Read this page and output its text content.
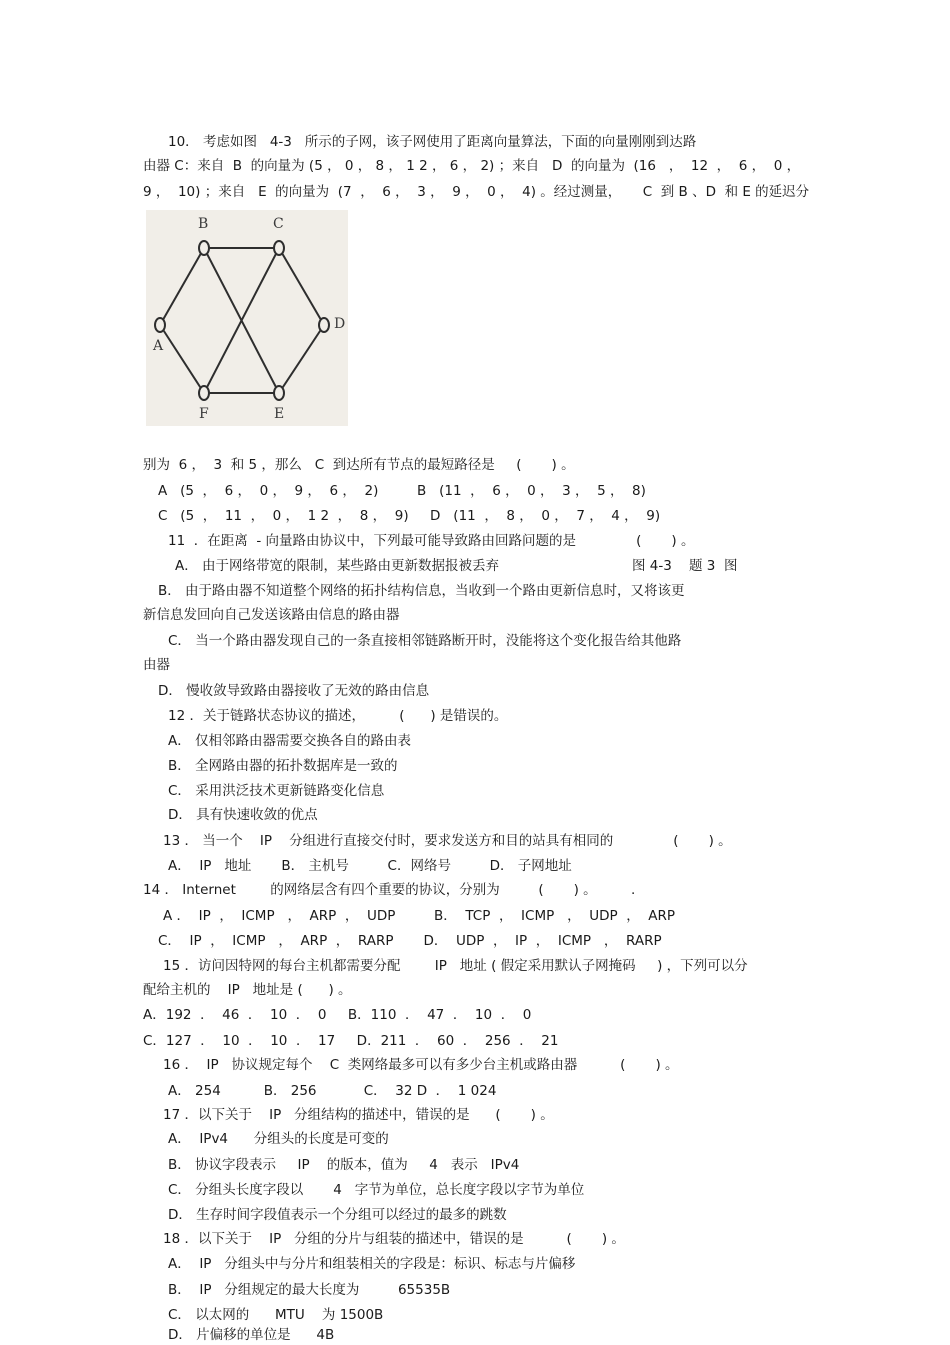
10． 考虑如图   4-3   所示的子网，该子网使用了距离向量算法，下面的向量刚刚到达路
由器 C：来自  B  的向量为 (5 ， 0 ， 8 ， 1 2 ， 6 ， 2) ；来自   D  的向量为  (16   ，  12  ，  6 ，  0 ，
9 ，  10) ；来自   E  的向量为  (7  ，  6 ，  3 ，  9 ，  0 ，  4) 。经过测量，     C  到 B 、D  和 E 的延迟分
B	C
A
D
F	E
别为  6 ，  3  和 5 ，那么   C  到达所有节点的最短路径是     (       ) 。
A   (5  ，  6 ，  0 ，  9 ，  6 ，  2)         B   (11  ，  6 ，  0 ，  3 ，  5 ，  8)
C   (5  ，  11  ，  0 ，  1 2  ，  8 ，  9)     D   (11  ，  8 ，  0 ，  7 ，  4 ，  9)
11  ．在距离  - 向量路由协议中，下列最可能导致路由回路问题的是              (       ) 。
A． 由于网络带宽的限制，某些路由更新数据报被丢弃	图 4-3    题 3  图
B． 由于路由器不知道整个网络的拓扑结构信息，当收到一个路由更新信息时，又将该更
新信息发回向自己发送该路由信息的路由器
C． 当一个路由器发现自己的一条直接相邻链路断开时，没能将这个变化报告给其他路
由器
D． 慢收敛导致路由器接收了无效的路由信息
12 ．关于链路状态协议的描述，        (      ) 是错误的。
A． 仅相邻路由器需要交换各自的路由表
B． 全网路由器的拓扑数据库是一致的
C． 采用洪泛技术更新链路变化信息
D． 具有快速收敛的优点
13 ． 当一个    IP    分组进行直接交付时，要求发送方和目的站具有相同的              (       ) 。
A．  IP   地址       B． 主机号         C．网络号         D． 子网地址
14 ． Internet        的网络层含有四个重要的协议，分别为         (       ) 。        .
A ．  IP  ，  ICMP   ，  ARP  ，  UDP         B．  TCP  ，  ICMP   ，  UDP  ，  ARP
C．  IP  ，  ICMP   ，  ARP  ，  RARP       D．  UDP  ，  IP  ，  ICMP   ，  RARP
15 ．访问因特网的每台主机都需要分配        IP   地址 ( 假定采用默认子网掩码     ) ，下列可以分
配给主机的    IP   地址是 (      ) 。
A．192  ．  46  ．  10  ．  0     B．110  ．  47  ．  10  ．  0
C．127  ．  10  ．  10  ．  17     D．211  ．  60  ．  256  ．  21
16 ．  IP   协议规定每个    C  类网络最多可以有多少台主机或路由器          (       ) 。
A． 254          B． 256           C．  32 D  ．  1 024
17 ．以下关于    IP   分组结构的描述中，错误的是      (       ) 。
A．  IPv4      分组头的长度是可变的
B． 协议字段表示     IP    的版本，值为     4   表示   IPv4
C． 分组头长度字段以       4   字节为单位，总长度字段以字节为单位
D． 生存时间字段值表示一个分组可以经过的最多的跳数
18 ．以下关于    IP   分组的分片与组装的描述中，错误的是          (       ) 。
A．  IP   分组头中与分片和组装相关的字段是：标识、标志与片偏移
B．  IP   分组规定的最大长度为         65535B
C． 以太网的      MTU    为 1500B
D． 片偏移的单位是      4B
